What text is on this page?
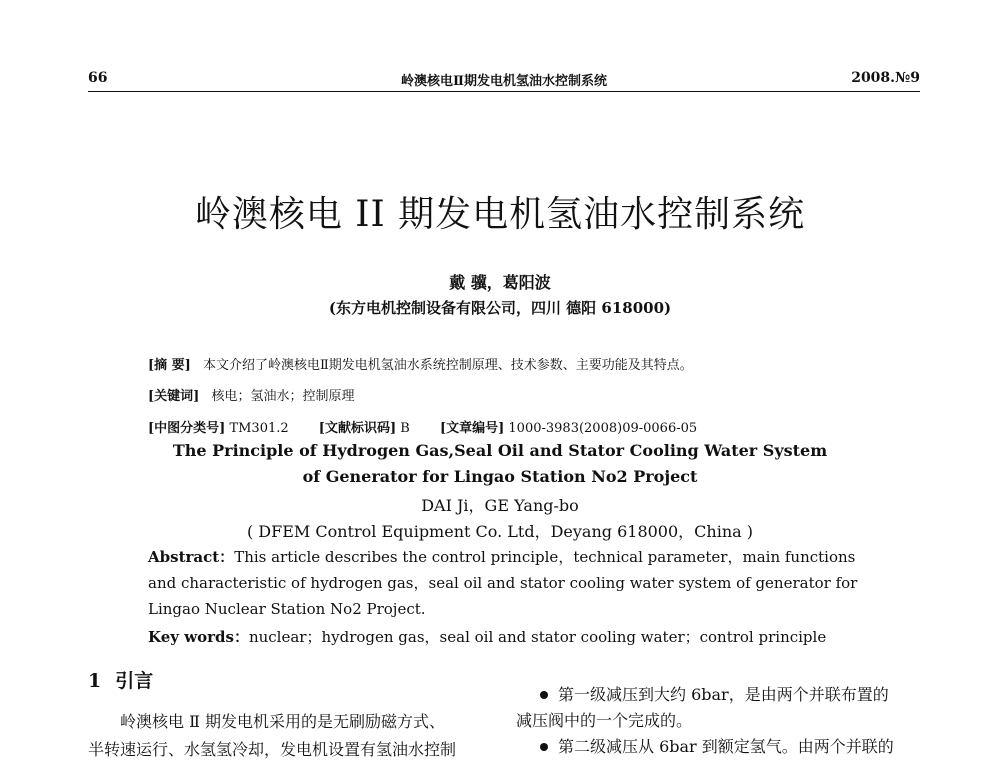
66	岭澳核电Ⅱ期发电机氢油水控制系统	2008.№9
岭澳核电 II 期发电机氢油水控制系统
戴 骥，葛阳波
(东方电机控制设备有限公司，四川 德阳 618000)
[摘 要] 本文介绍了岭澳核电Ⅱ期发电机氢油水系统控制原理、技术参数、主要功能及其特点。
[关键词] 核电；氢油水；控制原理
[中图分类号] TM301.2 [文献标识码] B [文章编号] 1000-3983(2008)09-0066-05
The Principle of Hydrogen Gas,Seal Oil and Stator Cooling Water System
of Generator for Lingao Station No2 Project
DAI Ji，GE Yang-bo
( DFEM Control Equipment Co. Ltd，Deyang 618000，China )
Abstract：This article describes the control principle，technical parameter，main functions and characteristic of hydrogen gas，seal oil and stator cooling water system of generator for Lingao Nuclear Station No2 Project.
Key words：nuclear；hydrogen gas，seal oil and stator cooling water；control principle
1 引言

岭澳核电 Ⅱ 期发电机采用的是无刷励磁方式、

半转速运行、水氢氢冷却，发电机设置有氢油水控制

第一级减压到大约 6bar，是由两个并联布置的

减压阀中的一个完成的。

第二级减压从 6bar 到额定氢气。由两个并联的
